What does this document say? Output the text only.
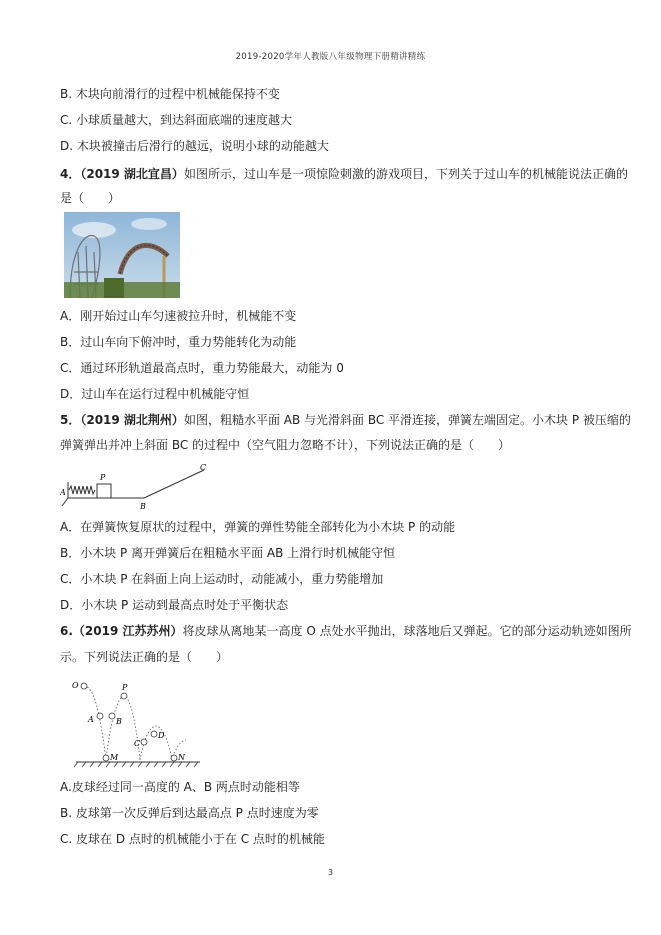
2019-2020学年人教版八年级物理下册精讲精练
B. 木块向前滑行的过程中机械能保持不变
C. 小球质量越大，到达斜面底端的速度越大
D. 木块被撞击后滑行的越远，说明小球的动能越大
4．（2019 湖北宜昌）如图所示，过山车是一项惊险刺激的游戏项目，下列关于过山车的机械能说法正确的
是（　　）
A．刚开始过山车匀速被拉升时，机械能不变
B．过山车向下俯冲时，重力势能转化为动能
C．通过环形轨道最高点时，重力势能最大，动能为 0
D．过山车在运行过程中机械能守恒
5．（2019 湖北荆州）如图，粗糙水平面 AB 与光滑斜面 BC 平滑连接，弹簧左端固定。小木块 P 被压缩的
弹簧弹出并冲上斜面 BC 的过程中（空气阻力忽略不计），下列说法正确的是（　　）
A
P
B
C
A．在弹簧恢复原状的过程中，弹簧的弹性势能全部转化为小木块 P 的动能
B．小木块 P 离开弹簧后在粗糙水平面 AB 上滑行时机械能守恒
C．小木块 P 在斜面上向上运动时，动能减小，重力势能增加
D．小木块 P 运动到最高点时处于平衡状态
6.（2019 江苏苏州）将皮球从离地某一高度 O 点处水平抛出，球落地后又弹起。它的部分运动轨迹如图所
示。下列说法正确的是（　　）
O	P
A	B
C
D
M	N
A.皮球经过同一高度的 A、B 两点时动能相等
B. 皮球第一次反弹后到达最高点 P 点时速度为零
C. 皮球在 D 点时的机械能小于在 C 点时的机械能
3
